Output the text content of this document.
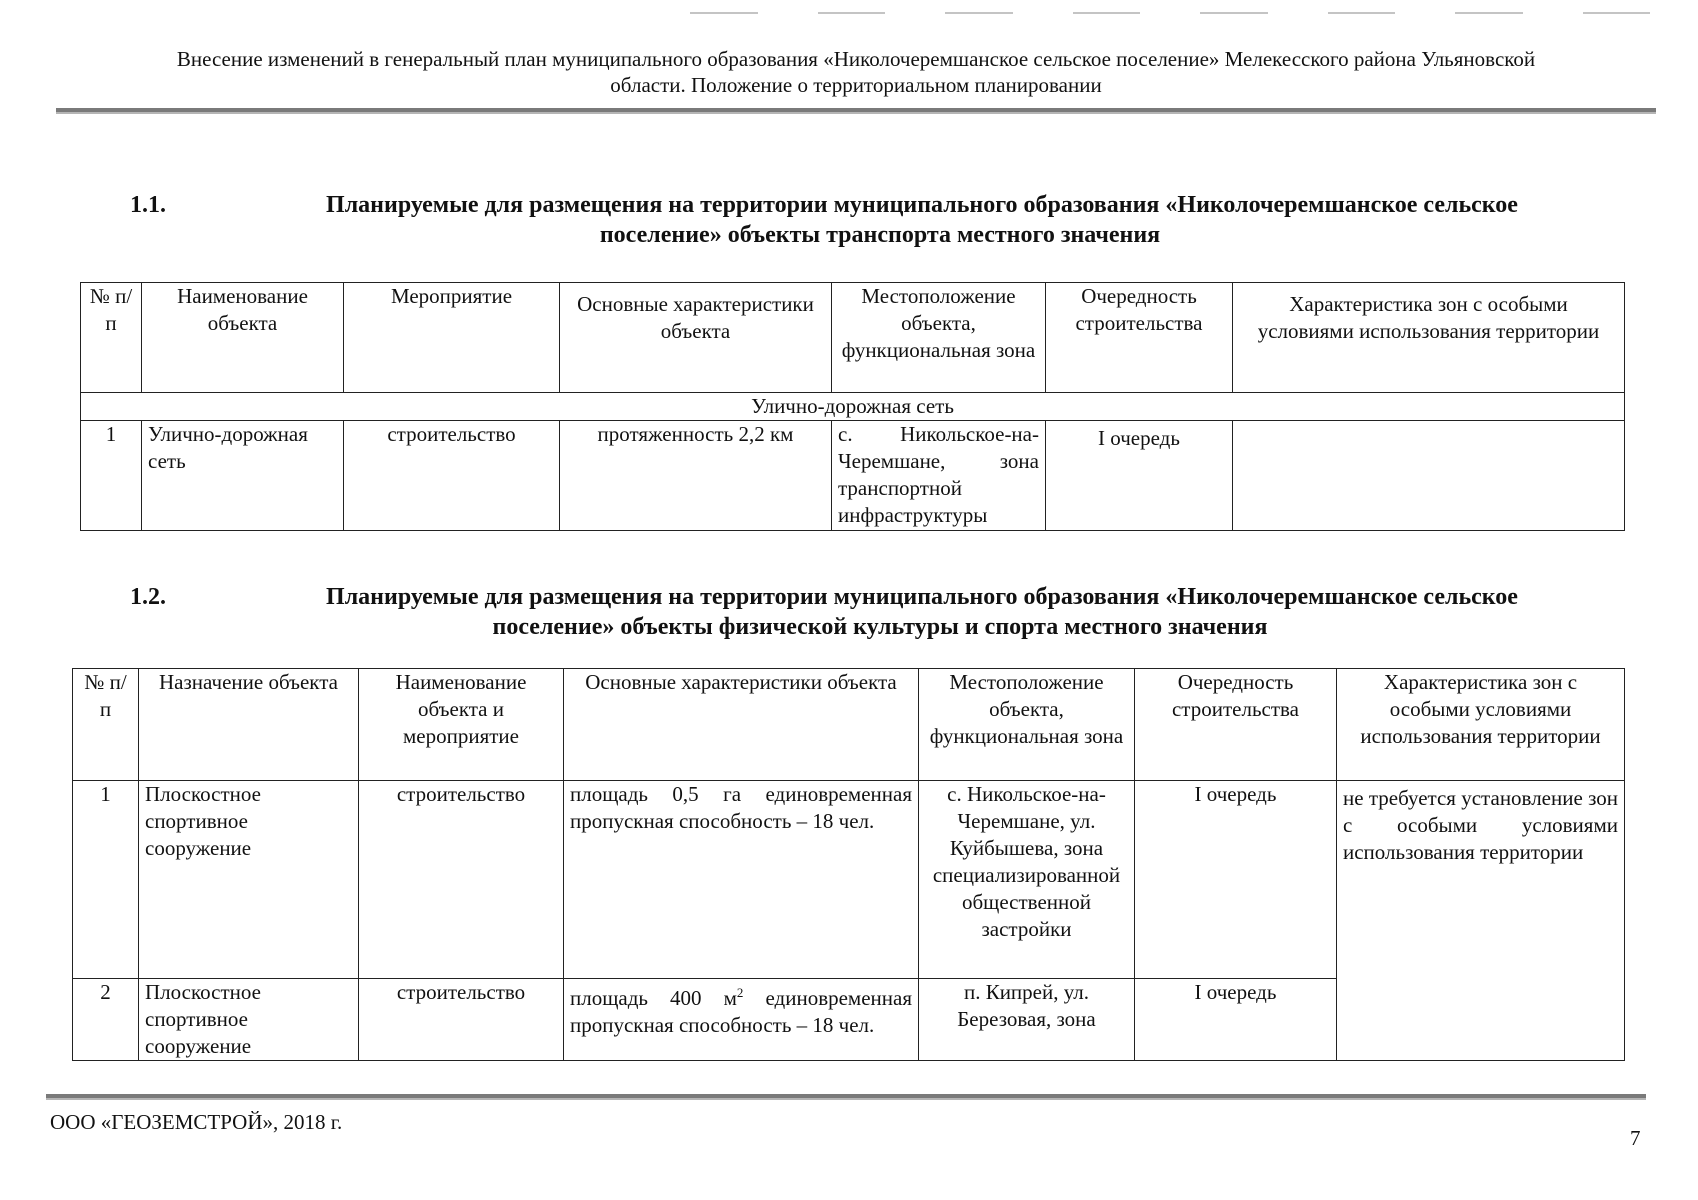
Внесение изменений в генеральный план муниципального образования «Николочеремшанское сельское поселение» Мелекесского района Ульяновской
области. Положение о территориальном планировании
1.1.	Планируемые для размещения на территории муниципального образования «Николочеремшанское сельское
поселение» объекты транспорта местного значения
№ п/п	Наименование объекта	Мероприятие	Основные характеристики объекта	Местоположение объекта, функциональная зона	Очередность строительства	Характеристика зон с особыми условиями использования территории
Улично-дорожная сеть						
1	Улично-дорожная сеть	строительство	протяженность 2,2 км	с. Никольское-на-Черемшане, зона транспортной инфраструктуры	I очередь	
1.2.	Планируемые для размещения на территории муниципального образования «Николочеремшанское сельское
поселение» объекты физической культуры и спорта местного значения
№ п/п	Назначение объекта	Наименование объекта и мероприятие	Основные характеристики объекта	Местоположение объекта, функциональная зона	Очередность строительства	Характеристика зон с особыми условиями использования территории
1	Плоскостное спортивное сооружение	строительство	площадь 0,5 га единовременная пропускная способность – 18 чел.	с. Никольское-на-Черемшане, ул. Куйбышева, зона специализированной общественной застройки	I очередь	не требуется установление зон с особыми условиями использования территории
2	Плоскостное спортивное сооружение	строительство	площадь 400 $м^2$ единовременная пропускная способность – 18 чел.	п. Кипрей, ул. Березовая, зона	I очередь	
ООО «ГЕОЗЕМСТРОЙ», 2018 г.
7
